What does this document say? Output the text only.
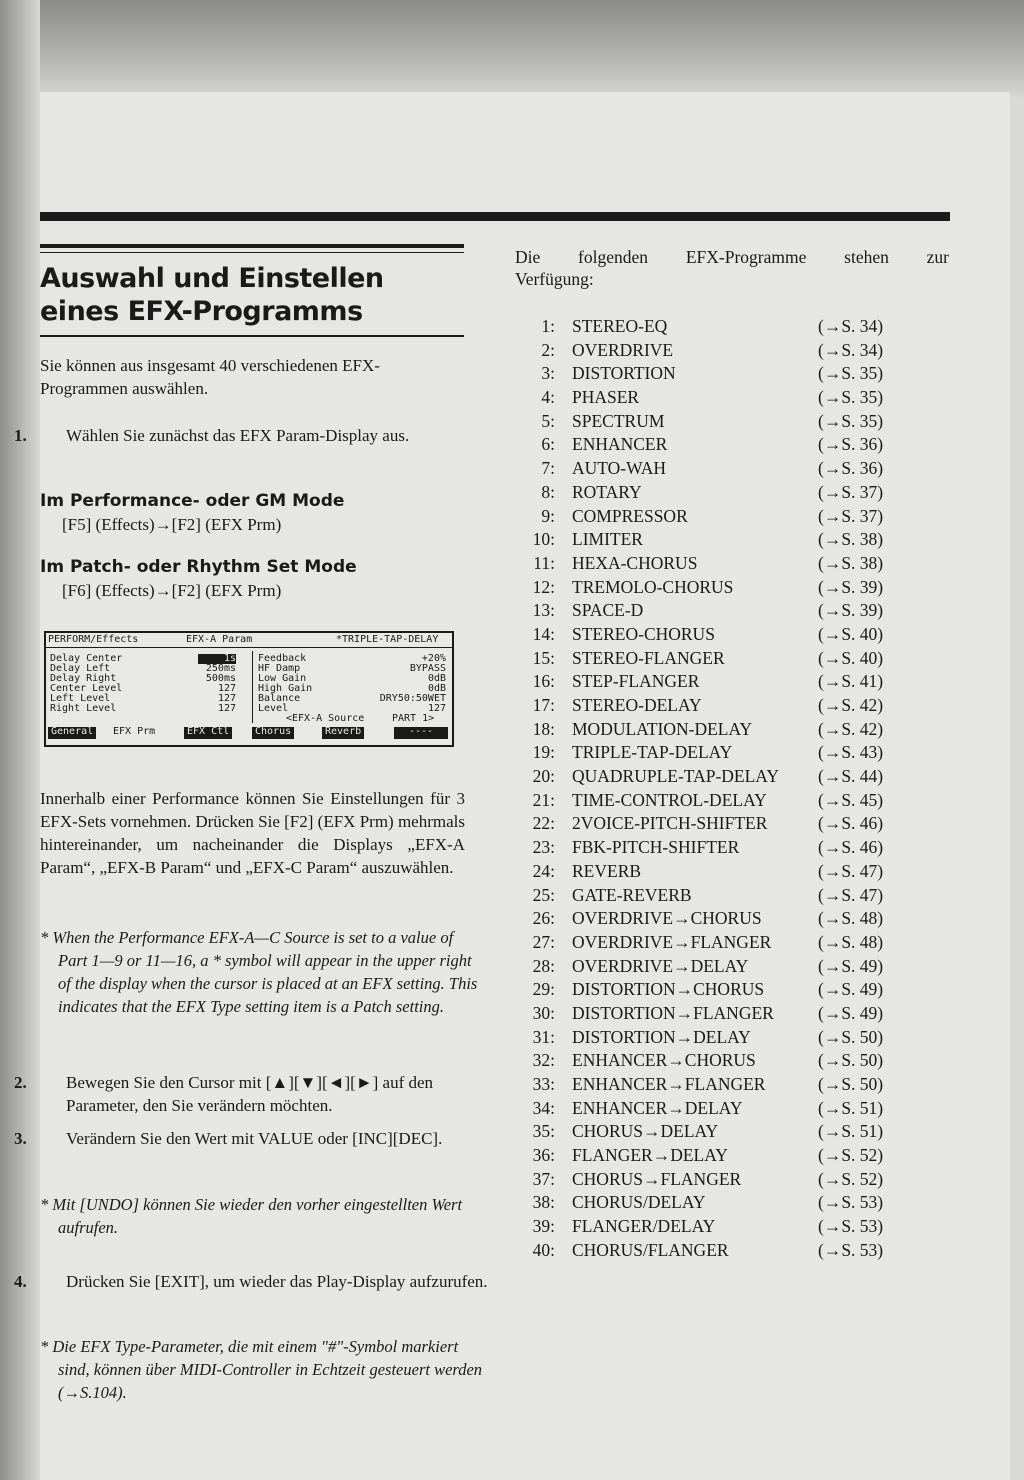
Auswahl und Einstellen
eines EFX-Programms
Sie können aus insgesamt 40 verschiedenen EFX-Programmen auswählen.
1. Wählen Sie zunächst das EFX Param-Display aus.
Im Performance- oder GM Mode
[F5] (Effects)→[F2] (EFX Prm)
Im Patch- oder Rhythm Set Mode
[F6] (Effects)→[F2] (EFX Prm)
PERFORM/Effects	EFX-A Param	*TRIPLE-TAP-DELAY
Delay Center	1s
Delay Left	250ms
Delay Right	500ms
Center Level	127
Left Level	127
Right Level	127
Feedback	+20%
HF Damp	BYPASS
Low Gain	0dB
High Gain	0dB
Balance	DRY50:50WET
Level	127
<EFX-A Source	PART 1>
General	EFX Prm	EFX Ctl	Chorus	Reverb	----
Innerhalb einer Performance können Sie Einstellungen für 3 EFX-Sets vornehmen. Drücken Sie [F2] (EFX Prm) mehrmals hintereinander, um nacheinander die Displays „EFX-A Param“, „EFX-B Param“ und „EFX-C Param“ auszuwählen.
* When the Performance EFX-A—C Source is set to a value of Part 1—9 or 11—16, a * symbol will appear in the upper right of the display when the cursor is placed at an EFX setting. This indicates that the EFX Type setting item is a Patch setting.
2. Bewegen Sie den Cursor mit [▲][▼][◄][►] auf den Parameter, den Sie verändern möchten.
3. Verändern Sie den Wert mit VALUE oder [INC][DEC].
* Mit [UNDO] können Sie wieder den vorher eingestellten Wert aufrufen.
4. Drücken Sie [EXIT], um wieder das Play-Display aufzurufen.
* Die EFX Type-Parameter, die mit einem "#"-Symbol markiert sind, können über MIDI-Controller in Echtzeit gesteuert werden (→S.104).
Die folgenden EFX-Programme stehen zur
Verfügung:
1: STEREO-EQ	(→S. 34)
2: OVERDRIVE	(→S. 34)
3: DISTORTION	(→S. 35)
4: PHASER	(→S. 35)
5: SPECTRUM	(→S. 35)
6: ENHANCER	(→S. 36)
7: AUTO-WAH	(→S. 36)
8: ROTARY	(→S. 37)
9: COMPRESSOR	(→S. 37)
10: LIMITER	(→S. 38)
11: HEXA-CHORUS	(→S. 38)
12: TREMOLO-CHORUS	(→S. 39)
13: SPACE-D	(→S. 39)
14: STEREO-CHORUS	(→S. 40)
15: STEREO-FLANGER	(→S. 40)
16: STEP-FLANGER	(→S. 41)
17: STEREO-DELAY	(→S. 42)
18: MODULATION-DELAY	(→S. 42)
19: TRIPLE-TAP-DELAY	(→S. 43)
20: QUADRUPLE-TAP-DELAY (→S. 44)
21: TIME-CONTROL-DELAY	(→S. 45)
22: 2VOICE-PITCH-SHIFTER	(→S. 46)
23: FBK-PITCH-SHIFTER	(→S. 46)
24: REVERB	(→S. 47)
25: GATE-REVERB	(→S. 47)
26: OVERDRIVE→CHORUS	(→S. 48)
27: OVERDRIVE→FLANGER	(→S. 48)
28: OVERDRIVE→DELAY	(→S. 49)
29: DISTORTION→CHORUS	(→S. 49)
30: DISTORTION→FLANGER	(→S. 49)
31: DISTORTION→DELAY	(→S. 50)
32: ENHANCER→CHORUS	(→S. 50)
33: ENHANCER→FLANGER	(→S. 50)
34: ENHANCER→DELAY	(→S. 51)
35: CHORUS→DELAY	(→S. 51)
36: FLANGER→DELAY	(→S. 52)
37: CHORUS→FLANGER	(→S. 52)
38: CHORUS/DELAY	(→S. 53)
39: FLANGER/DELAY	(→S. 53)
40: CHORUS/FLANGER	(→S. 53)
